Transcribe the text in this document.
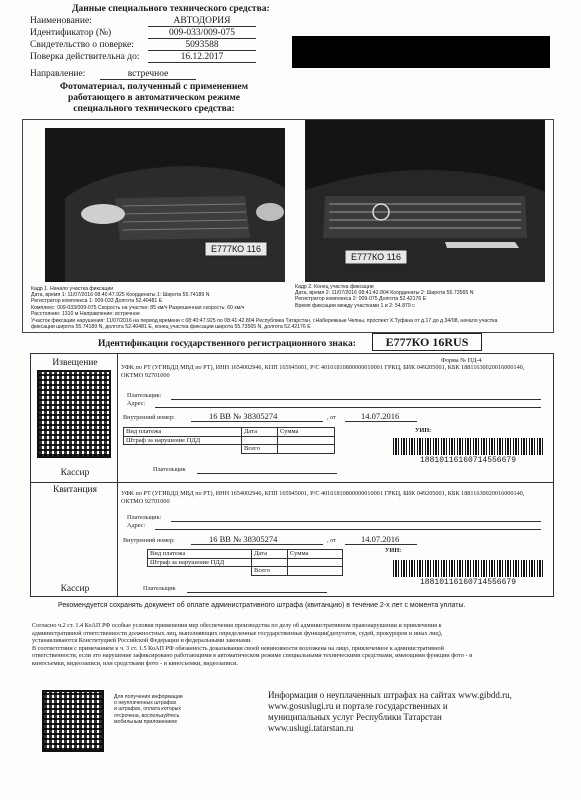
Данные специального технического средства:
Наименование:	АВТОДОРИЯ
Идентификатор (№)	009-033/009-075
Свидетельство о поверке:	5093588
Поверка действительна до:	16.12.2017
Направление:	встречное
Фотоматериал, полученный с применением работающего в автоматическом режиме специального технического средства:
Е777КО 116
Е777КО 116
Кадр 1. Начало участка фиксации
Дата, время 1: 11/07/2016 08:40:47.925 Координаты 1: Широта 55.74189 N
Регистратор комплекса 1: 009-033 Долгота 52.40481 E
Комплекс: 009-033/009-075 Скорость на участке: 85 км/ч Разрешенная скорость: 60 км/ч
Расстояние: 1310 м Направление: встречное
Кадр 2. Конец участка фиксации
Дата, время 2: 11/07/2016 08:41:42.804 Координаты 2: Широта 55.73565 N
Регистратор комплекса 2: 009-075 Долгота 52.42176 E
Время фиксации между участками 1 и 2: 54.879 с
Участок фиксации нарушения: 11/07/2016 на период времени с 08:40:47.925 по 08:41:42.804 Республика Татарстан, г.Набережные Челны, проспект Х.Туфана от д.17 до д.34/08, начало участка
фиксации широта 55.74189 N, долгота 52.40481 E, конец участка фиксации широта 55.73565 N, долгота 52.42176 E
Идентификация государственного регистрационного знака:	Е777КО 16RUS
Извещение
Кассир
Форма № ПД-4
УФК по РТ (УГИБДД МВД по РТ), ИНН 1654002946, КПП 165945001, Р/С 40101810800000010001 ГРКЦ, БИК 049205001, КБК 18811630020016000140, ОКТМО 92701000
Плательщик:
Адрес:
Внутренний номер:	16 ВВ № 38305274	, от	14.07.2016
УИН:
Вид платежа	Дата	Сумма
Штраф за нарушение ПДД		
	Всего	
Плательщик
18810116160714556679
Квитанция
Кассир
УФК по РТ (УГИБДД МВД по РТ), ИНН 1654002946, КПП 165945001, Р/С 40101810800000010001 ГРКЦ, БИК 049205001, КБК 18811630020016000140, ОКТМО 92701000
Плательщик:
Адрес:
Внутренний номер:	16 ВВ № 38305274	, от	14.07.2016
УИН:
Вид платежа	Дата	Сумма
Штраф за нарушение ПДД		
	Всего	
Плательщик
18810116160714556679
Рекомендуется сохранять документ об оплате административного штрафа (квитанцию) в течение 2-х лет с момента уплаты.
Согласно ч.2 ст. 1.4 КоАП РФ особые условия применения мер обеспечения производства по делу об административном правонарушении и привлечения к
административной ответственности должностных лиц, выполняющих определенные государственные функции(депутатов, судей, прокуроров и иных лиц),
устанавливаются Конституцией Российской Федерации и федеральными законами.
В соответствии с примечанием к ч. 3 ст. 1.5 КоАП РФ обязанность доказывания своей невиновности возложена на лицо, привлеченное к административной
ответственности, если это нарушение зафиксировано работающими в автоматическом режиме специальными техническими средствами, имеющими функции фото - и
киносъемки, видеозаписи, или средствами фото - и киносъемки, видеозаписи.
Для получения информации
о неуплаченных штрафах
и штрафах, оплата которых
отсрочена, воспользуйтесь
мобильным приложением
Информация о неуплаченных штрафах на сайтах www.gibdd.ru,
www.gosuslugi.ru и портале государственных и
муниципальных услуг Республики Татарстан
www.uslugi.tatarstan.ru
